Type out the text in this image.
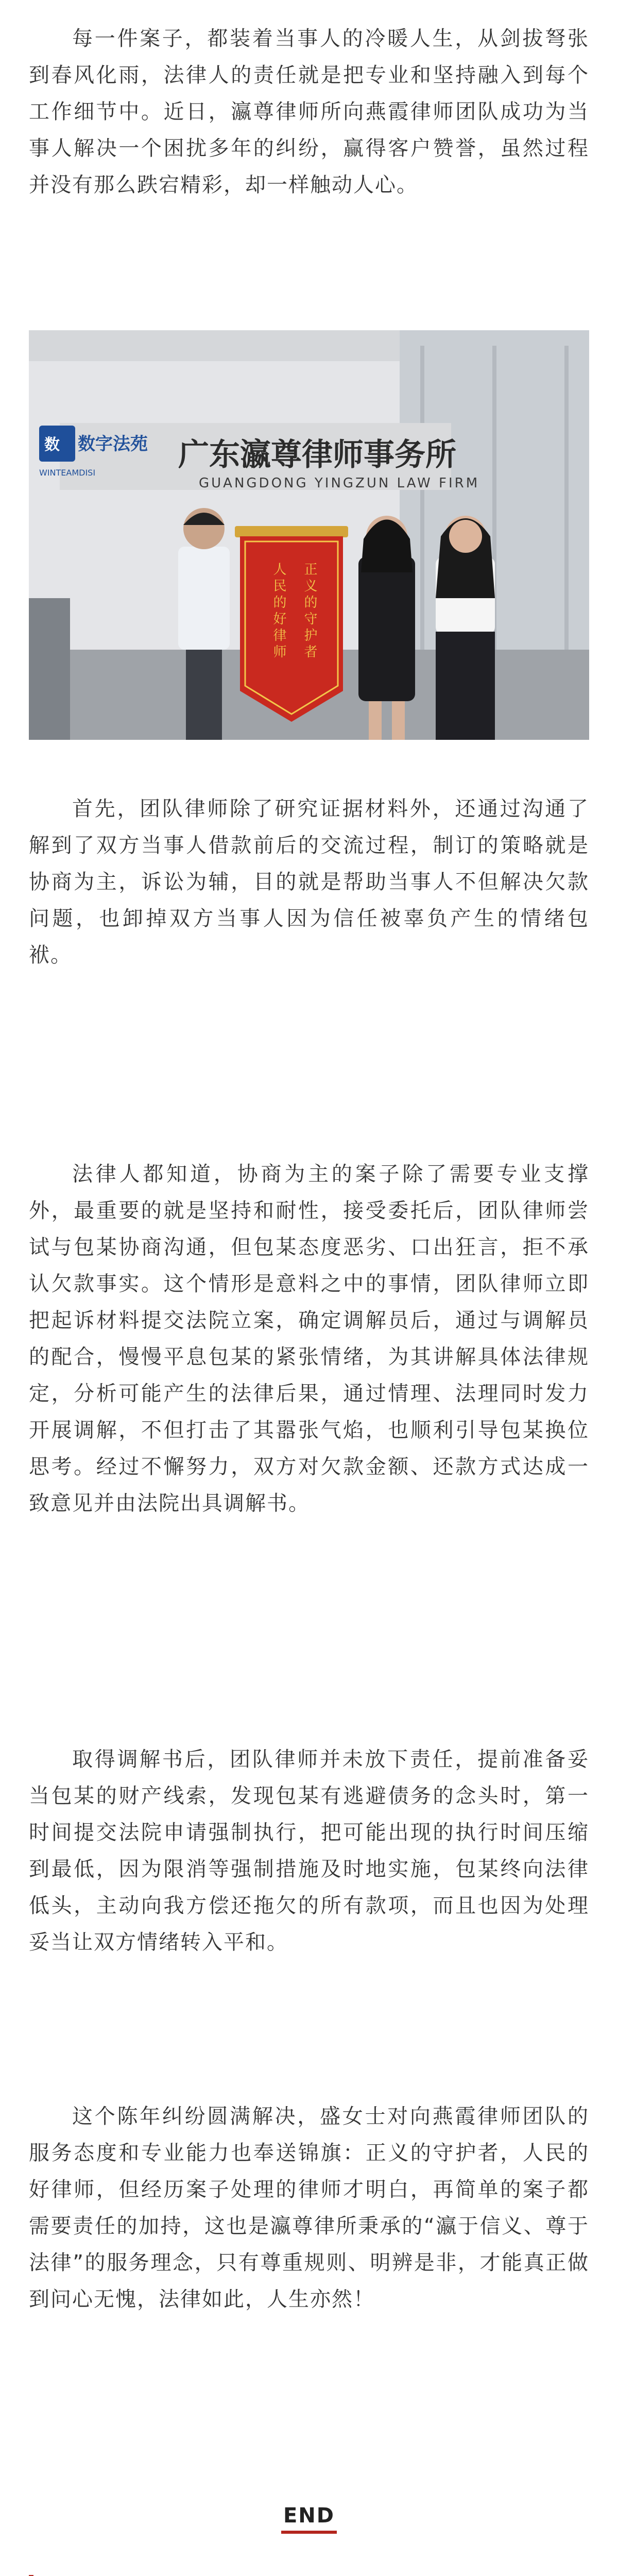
每一件案子，都装着当事人的冷暖人生，从剑拔弩张到春风化雨，法律人的责任就是把专业和坚持融入到每个工作细节中。近日，瀛尊律师所向燕霞律师团队成功为当事人解决一个困扰多年的纠纷，赢得客户赞誉，虽然过程并没有那么跌宕精彩，却一样触动人心。

数 数字法苑
WINTEAMDISI	广东瀛尊律师事务所
GUANGDONG YINGZUN LAW FIRM
正义的守护者
人民的好律师

首先，团队律师除了研究证据材料外，还通过沟通了解到了双方当事人借款前后的交流过程，制订的策略就是协商为主，诉讼为辅，目的就是帮助当事人不但解决欠款问题，也卸掉双方当事人因为信任被辜负产生的情绪包袱。

法律人都知道，协商为主的案子除了需要专业支撑外，最重要的就是坚持和耐性，接受委托后，团队律师尝试与包某协商沟通，但包某态度恶劣、口出狂言，拒不承认欠款事实。这个情形是意料之中的事情，团队律师立即把起诉材料提交法院立案，确定调解员后，通过与调解员的配合，慢慢平息包某的紧张情绪，为其讲解具体法律规定，分析可能产生的法律后果，通过情理、法理同时发力开展调解，不但打击了其嚣张气焰，也顺利引导包某换位思考。经过不懈努力，双方对欠款金额、还款方式达成一致意见并由法院出具调解书。

取得调解书后，团队律师并未放下责任，提前准备妥当包某的财产线索，发现包某有逃避债务的念头时，第一时间提交法院申请强制执行，把可能出现的执行时间压缩到最低，因为限消等强制措施及时地实施，包某终向法律低头，主动向我方偿还拖欠的所有款项，而且也因为处理妥当让双方情绪转入平和。

这个陈年纠纷圆满解决，盛女士对向燕霞律师团队的服务态度和专业能力也奉送锦旗：正义的守护者，人民的好律师，但经历案子处理的律师才明白，再简单的案子都需要责任的加持，这也是瀛尊律所秉承的“瀛于信义、尊于法律”的服务理念，只有尊重规则、明辨是非，才能真正做到问心无愧，法律如此，人生亦然！

END
